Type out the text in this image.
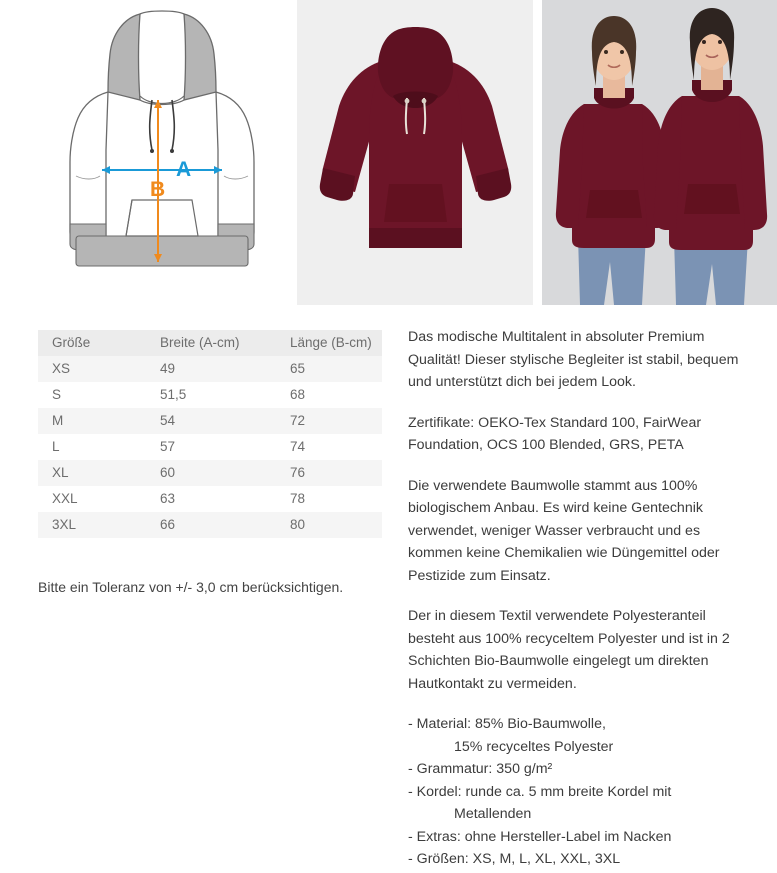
A
B
Größe	Breite (A-cm)	Länge (B-cm)
XS	49	65
S	51,5	68
M	54	72
L	57	74
XL	60	76
XXL	63	78
3XL	66	80
Bitte ein Toleranz von +/- 3,0 cm berücksichtigen.

Das modische Multitalent in absoluter Premium Qualität! Dieser stylische Begleiter ist stabil, bequem und unterstützt dich bei jedem Look.

Zertifikate: OEKO-Tex Standard 100, FairWear Foundation, OCS 100 Blended, GRS, PETA

Die verwendete Baumwolle stammt aus 100% biologischem Anbau. Es wird keine Gentechnik verwendet, weniger Wasser verbraucht und es kommen keine Chemikalien wie Düngemittel oder Pestizide zum Einsatz.

Der in diesem Textil verwendete Polyesteranteil besteht aus 100% recyceltem Polyester und ist in 2 Schichten Bio-Baumwolle eingelegt um direkten Hautkontakt zu vermeiden.

- Material: 85% Bio-Baumwolle,
15% recyceltes Polyester
- Grammatur: 350 g/m²
- Kordel: runde ca. 5 mm breite Kordel mit
Metallenden
- Extras: ohne Hersteller-Label im Nacken
- Größen: XS, M, L, XL, XXL, 3XL
